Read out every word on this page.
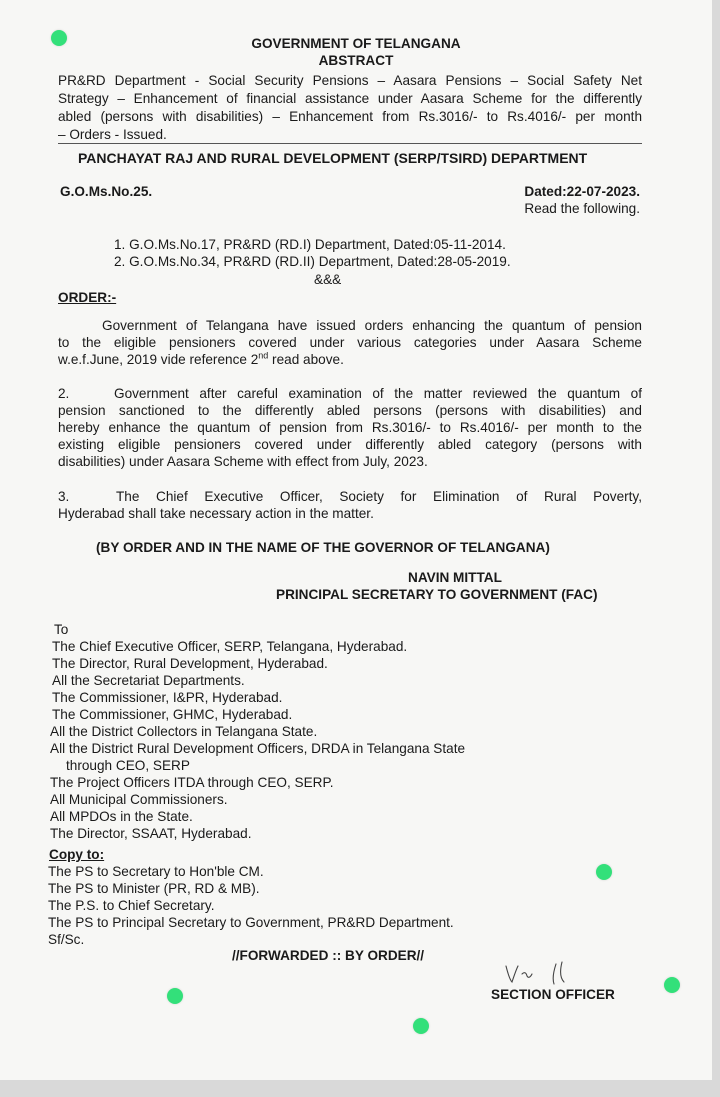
GOVERNMENT OF TELANGANA
ABSTRACT
PR&RD Department - Social Security Pensions – Aasara Pensions – Social Safety Net
Strategy – Enhancement of financial assistance under Aasara Scheme for the differently
abled (persons with disabilities) – Enhancement from Rs.3016/- to Rs.4016/- per month
– Orders - Issued.
PANCHAYAT RAJ AND RURAL DEVELOPMENT (SERP/TSIRD) DEPARTMENT
G.O.Ms.No.25.	Dated:22-07-2023.
Read the following.
1. G.O.Ms.No.17, PR&RD (RD.I) Department, Dated:05-11-2014.
2. G.O.Ms.No.34, PR&RD (RD.II) Department, Dated:28-05-2019.
&&&
ORDER:-
Government of Telangana have issued orders enhancing the quantum of pension
to the eligible pensioners covered under various categories under Aasara Scheme
w.e.f.June, 2019 vide reference 2nd read above.
2.	Government after careful examination of the matter reviewed the quantum of
pension sanctioned to the differently abled persons (persons with disabilities) and
hereby enhance the quantum of pension from Rs.3016/- to Rs.4016/- per month to the
existing eligible pensioners covered under differently abled category (persons with
disabilities) under Aasara Scheme with effect from July, 2023.
3.	The Chief Executive Officer, Society for Elimination of Rural Poverty,
Hyderabad shall take necessary action in the matter.
(BY ORDER AND IN THE NAME OF THE GOVERNOR OF TELANGANA)
NAVIN MITTAL
PRINCIPAL SECRETARY TO GOVERNMENT (FAC)
To
The Chief Executive Officer, SERP, Telangana, Hyderabad.
The Director, Rural Development, Hyderabad.
All the Secretariat Departments.
The Commissioner, I&PR, Hyderabad.
The Commissioner, GHMC, Hyderabad.
All the District Collectors in Telangana State.
All the District Rural Development Officers, DRDA in Telangana State
through CEO, SERP
The Project Officers ITDA through CEO, SERP.
All Municipal Commissioners.
All MPDOs in the State.
The Director, SSAAT, Hyderabad.
Copy to:
The PS to Secretary to Hon'ble CM.
The PS to Minister (PR, RD & MB).
The P.S. to Chief Secretary.
The PS to Principal Secretary to Government, PR&RD Department.
Sf/Sc.
//FORWARDED :: BY ORDER//
SECTION OFFICER
